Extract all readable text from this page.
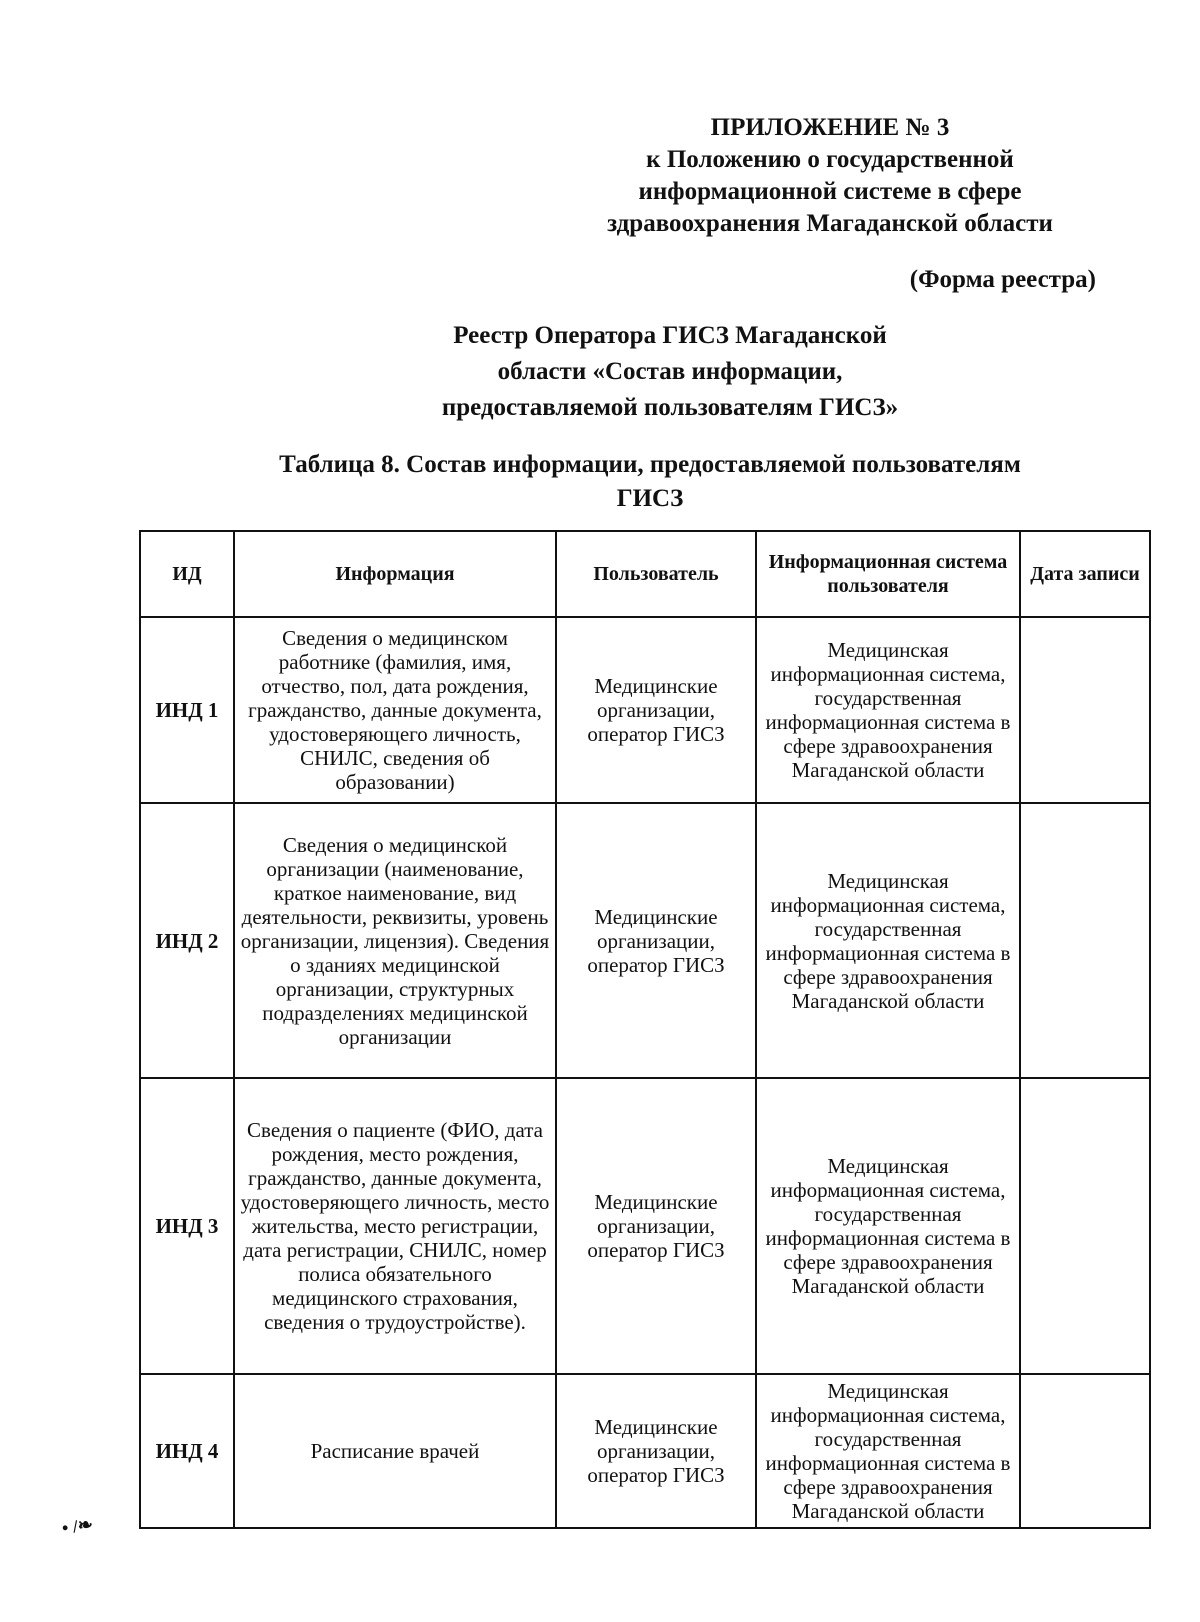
ПРИЛОЖЕНИЕ № 3
к Положению о государственной
информационной системе в сфере
здравоохранения Магаданской области
(Форма реестра)
Реестр Оператора ГИСЗ Магаданской
области «Состав информации,
предоставляемой пользователям ГИСЗ»
Таблица 8. Состав информации, предоставляемой пользователям
ГИСЗ
ИД	Информация	Пользователь	Информационная система пользователя	Дата записи
ИНД 1	Сведения о медицинском работнике (фамилия, имя, отчество, пол, дата рождения, гражданство, данные документа, удостоверяющего личность, СНИЛС, сведения об образовании)	Медицинские организации, оператор ГИСЗ	Медицинская информационная система, государственная информационная система в сфере здравоохранения Магаданской области	
ИНД 2	Сведения о медицинской организации (наименование, краткое наименование, вид деятельности, реквизиты, уровень организации, лицензия). Сведения о зданиях медицинской организации, структурных подразделениях медицинской организации	Медицинские организации, оператор ГИСЗ	Медицинская информационная система, государственная информационная система в сфере здравоохранения Магаданской области	
ИНД 3	Сведения о пациенте (ФИО, дата рождения, место рождения, гражданство, данные документа, удостоверяющего личность, место жительства, место регистрации, дата регистрации, СНИЛС, номер полиса обязательного медицинского страхования, сведения о трудоустройстве).	Медицинские организации, оператор ГИСЗ	Медицинская информационная система, государственная информационная система в сфере здравоохранения Магаданской области	
ИНД 4	Расписание врачей	Медицинские организации, оператор ГИСЗ	Медицинская информационная система, государственная информационная система в сфере здравоохранения Магаданской области	
• /❧
